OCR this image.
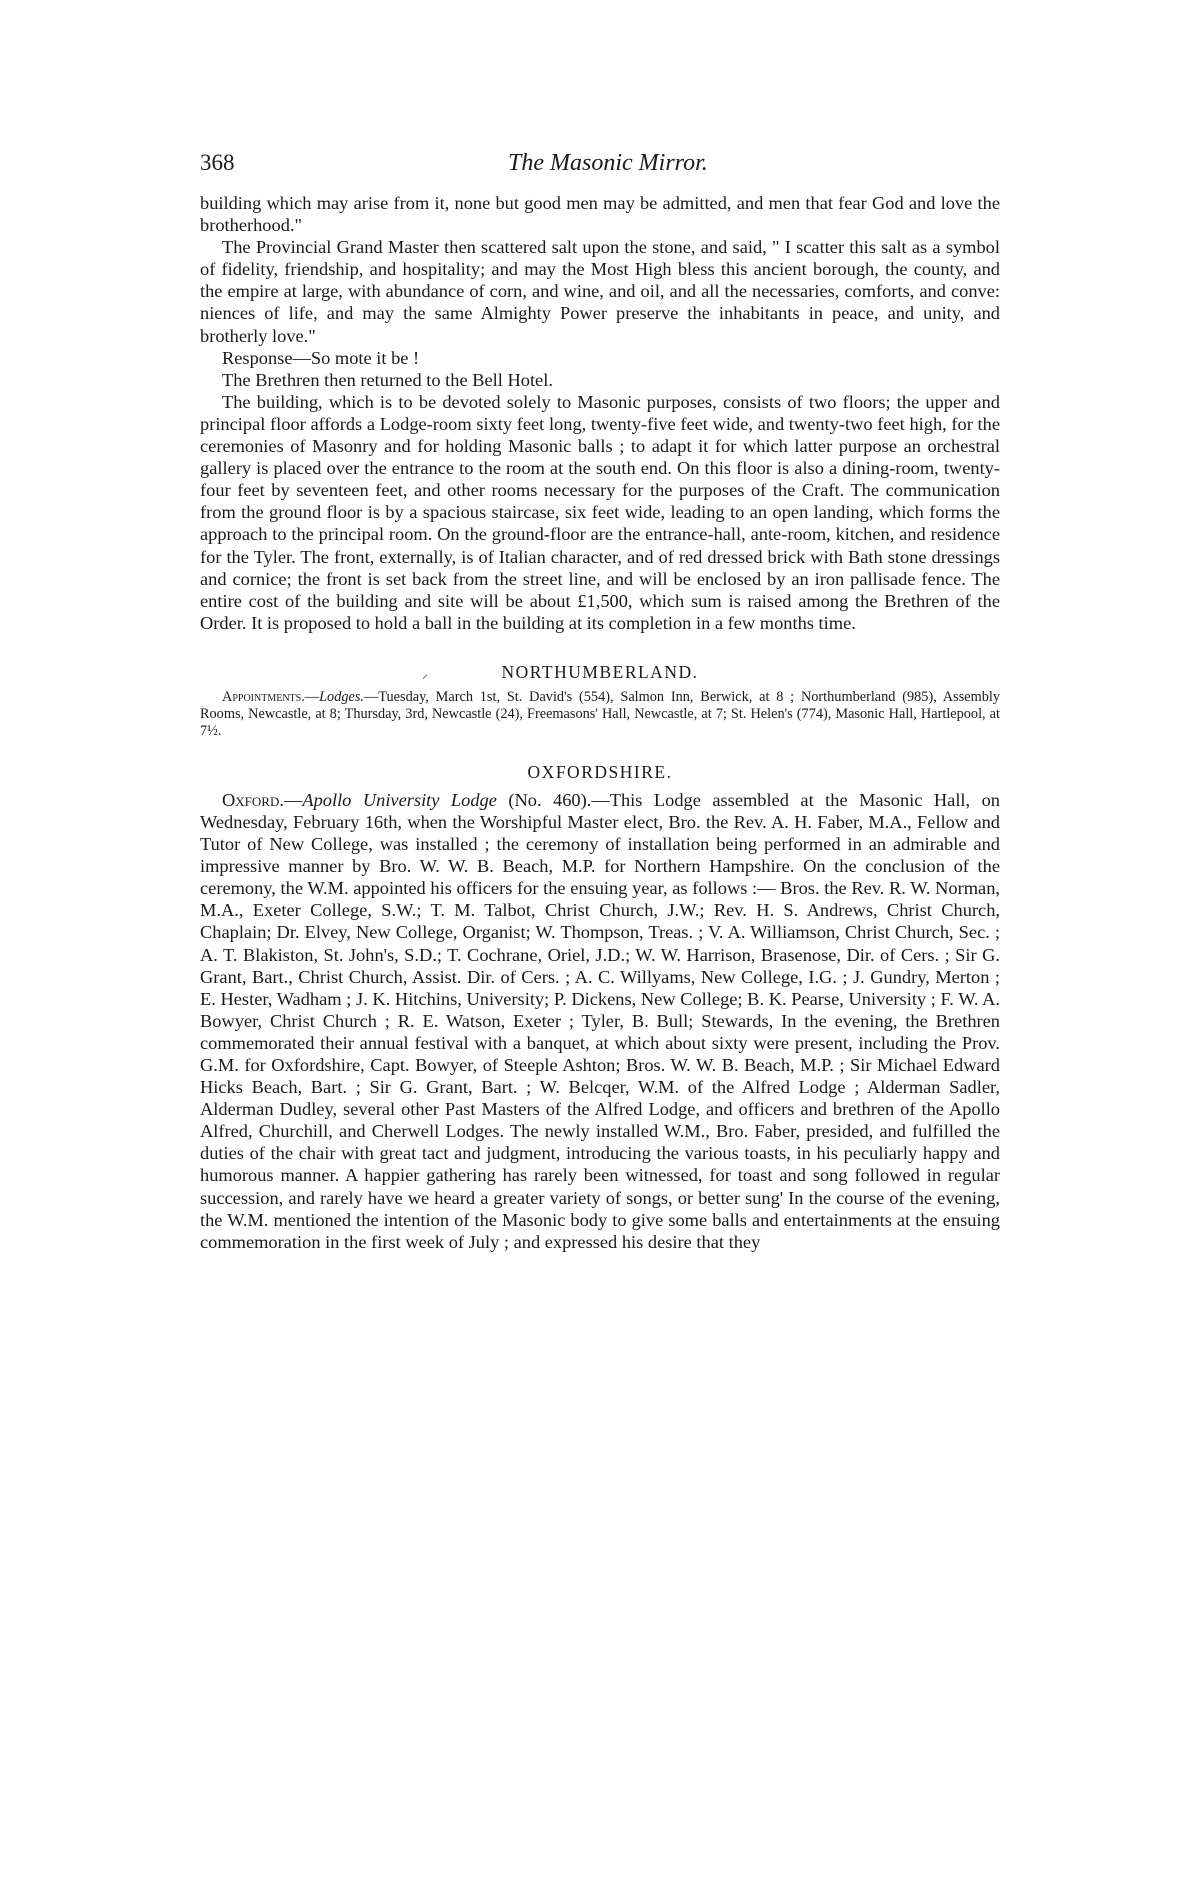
368	The Masonic Mirror.

building which may arise from it, none but good men may be admitted, and men that fear God and love the brotherhood."

The Provincial Grand Master then scattered salt upon the stone, and said, " I scatter this salt as a symbol of fidelity, friendship, and hospitality; and may the Most High bless this ancient borough, the county, and the empire at large, with abundance of corn, and wine, and oil, and all the necessaries, comforts, and conve: niences of life, and may the same Almighty Power preserve the inhabitants in peace, and unity, and brotherly love."

Response—So mote it be !

The Brethren then returned to the Bell Hotel.

The building, which is to be devoted solely to Masonic purposes, consists of two floors; the upper and principal floor affords a Lodge-room sixty feet long, twenty-five feet wide, and twenty-two feet high, for the ceremonies of Masonry and for holding Masonic balls ; to adapt it for which latter purpose an orchestral gallery is placed over the entrance to the room at the south end. On this floor is also a dining-room, twenty-four feet by seventeen feet, and other rooms necessary for the purposes of the Craft. The communication from the ground floor is by a spacious staircase, six feet wide, leading to an open landing, which forms the approach to the principal room. On the ground-floor are the entrance-hall, ante-room, kitchen, and residence for the Tyler. The front, externally, is of Italian character, and of red dressed brick with Bath stone dressings and cornice; the front is set back from the street line, and will be enclosed by an iron pallisade fence. The entire cost of the building and site will be about £1,500, which sum is raised among the Brethren of the Order. It is proposed to hold a ball in the building at its completion in a few months time.

⸝	NORTHUMBERLAND.

Appointments.—Lodges.—Tuesday, March 1st, St. David's (554), Salmon Inn, Berwick, at 8 ; Northumberland (985), Assembly Rooms, Newcastle, at 8; Thursday, 3rd, Newcastle (24), Freemasons' Hall, Newcastle, at 7; St. Helen's (774), Masonic Hall, Hartlepool, at 7½.

OXFORDSHIRE.

Oxford.—Apollo University Lodge (No. 460).—This Lodge assembled at the Masonic Hall, on Wednesday, February 16th, when the Worshipful Master elect, Bro. the Rev. A. H. Faber, M.A., Fellow and Tutor of New College, was installed ; the ceremony of installation being performed in an admirable and impressive manner by Bro. W. W. B. Beach, M.P. for Northern Hampshire. On the conclusion of the ceremony, the W.M. appointed his officers for the ensuing year, as follows :— Bros. the Rev. R. W. Norman, M.A., Exeter College, S.W.; T. M. Talbot, Christ Church, J.W.; Rev. H. S. Andrews, Christ Church, Chaplain; Dr. Elvey, New College, Organist; W. Thompson, Treas. ; V. A. Williamson, Christ Church, Sec. ; A. T. Blakiston, St. John's, S.D.; T. Cochrane, Oriel, J.D.; W. W. Harrison, Brasenose, Dir. of Cers. ; Sir G. Grant, Bart., Christ Church, Assist. Dir. of Cers. ; A. C. Willyams, New College, I.G. ; J. Gundry, Merton ; E. Hester, Wadham ; J. K. Hitchins, University; P. Dickens, New College; B. K. Pearse, University ; F. W. A. Bowyer, Christ Church ; R. E. Watson, Exeter ; Tyler, B. Bull; Stewards, In the evening, the Brethren commemorated their annual festival with a banquet, at which about sixty were present, including the Prov. G.M. for Oxfordshire, Capt. Bowyer, of Steeple Ashton; Bros. W. W. B. Beach, M.P. ; Sir Michael Edward Hicks Beach, Bart. ; Sir G. Grant, Bart. ; W. Belcqer, W.M. of the Alfred Lodge ; Alderman Sadler, Alderman Dudley, several other Past Masters of the Alfred Lodge, and officers and brethren of the Apollo Alfred, Churchill, and Cherwell Lodges. The newly installed W.M., Bro. Faber, presided, and fulfilled the duties of the chair with great tact and judgment, introducing the various toasts, in his peculiarly happy and humorous manner. A happier gathering has rarely been witnessed, for toast and song followed in regular succession, and rarely have we heard a greater variety of songs, or better sung' In the course of the evening, the W.M. mentioned the intention of the Masonic body to give some balls and entertainments at the ensuing commemoration in the first week of July ; and expressed his desire that they
